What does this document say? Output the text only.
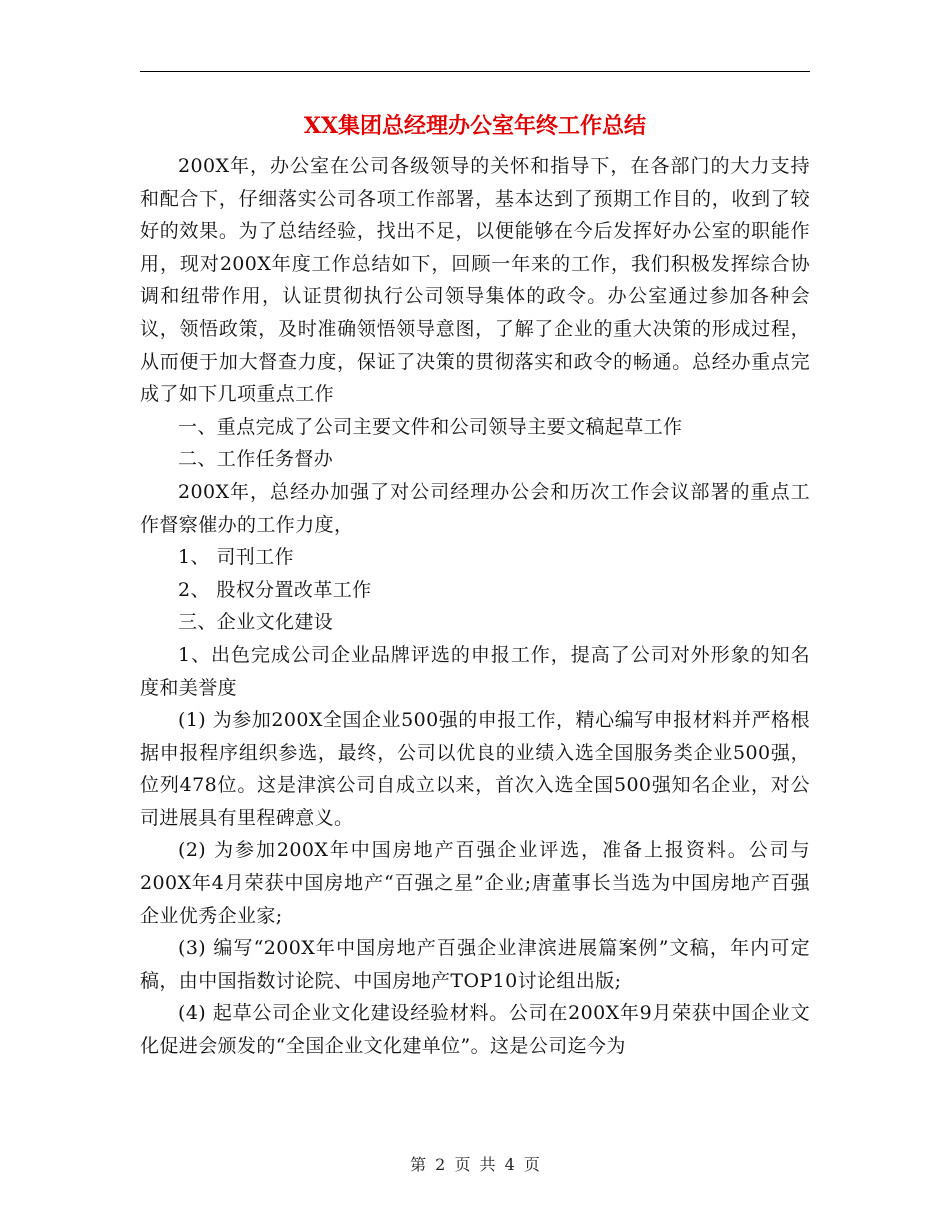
XX集团总经理办公室年终工作总结

200X年，办公室在公司各级领导的关怀和指导下，在各部门的大力支持和配合下，仔细落实公司各项工作部署，基本达到了预期工作目的，收到了较好的效果。为了总结经验，找出不足，以便能够在今后发挥好办公室的职能作用，现对200X年度工作总结如下，回顾一年来的工作，我们积极发挥综合协调和纽带作用，认证贯彻执行公司领导集体的政令。办公室通过参加各种会议，领悟政策，及时准确领悟领导意图，了解了企业的重大决策的形成过程，从而便于加大督查力度，保证了决策的贯彻落实和政令的畅通。总经办重点完成了如下几项重点工作

一、重点完成了公司主要文件和公司领导主要文稿起草工作

二、工作任务督办

200X年，总经办加强了对公司经理办公会和历次工作会议部署的重点工作督察催办的工作力度，

1、 司刊工作

2、 股权分置改革工作

三、企业文化建设

1、出色完成公司企业品牌评选的申报工作，提高了公司对外形象的知名度和美誉度

(1) 为参加200X全国企业500强的申报工作，精心编写申报材料并严格根据申报程序组织参选，最终，公司以优良的业绩入选全国服务类企业500强，位列478位。这是津滨公司自成立以来，首次入选全国500强知名企业，对公司进展具有里程碑意义。

(2) 为参加200X年中国房地产百强企业评选，准备上报资料。公司与200X年4月荣获中国房地产“百强之星”企业;唐董事长当选为中国房地产百强企业优秀企业家;

(3) 编写“200X年中国房地产百强企业津滨进展篇案例”文稿，年内可定稿，由中国指数讨论院、中国房地产TOP10讨论组出版;

(4) 起草公司企业文化建设经验材料。公司在200X年9月荣获中国企业文化促进会颁发的“全国企业文化建单位”。这是公司迄今为

第 2 页 共 4 页
